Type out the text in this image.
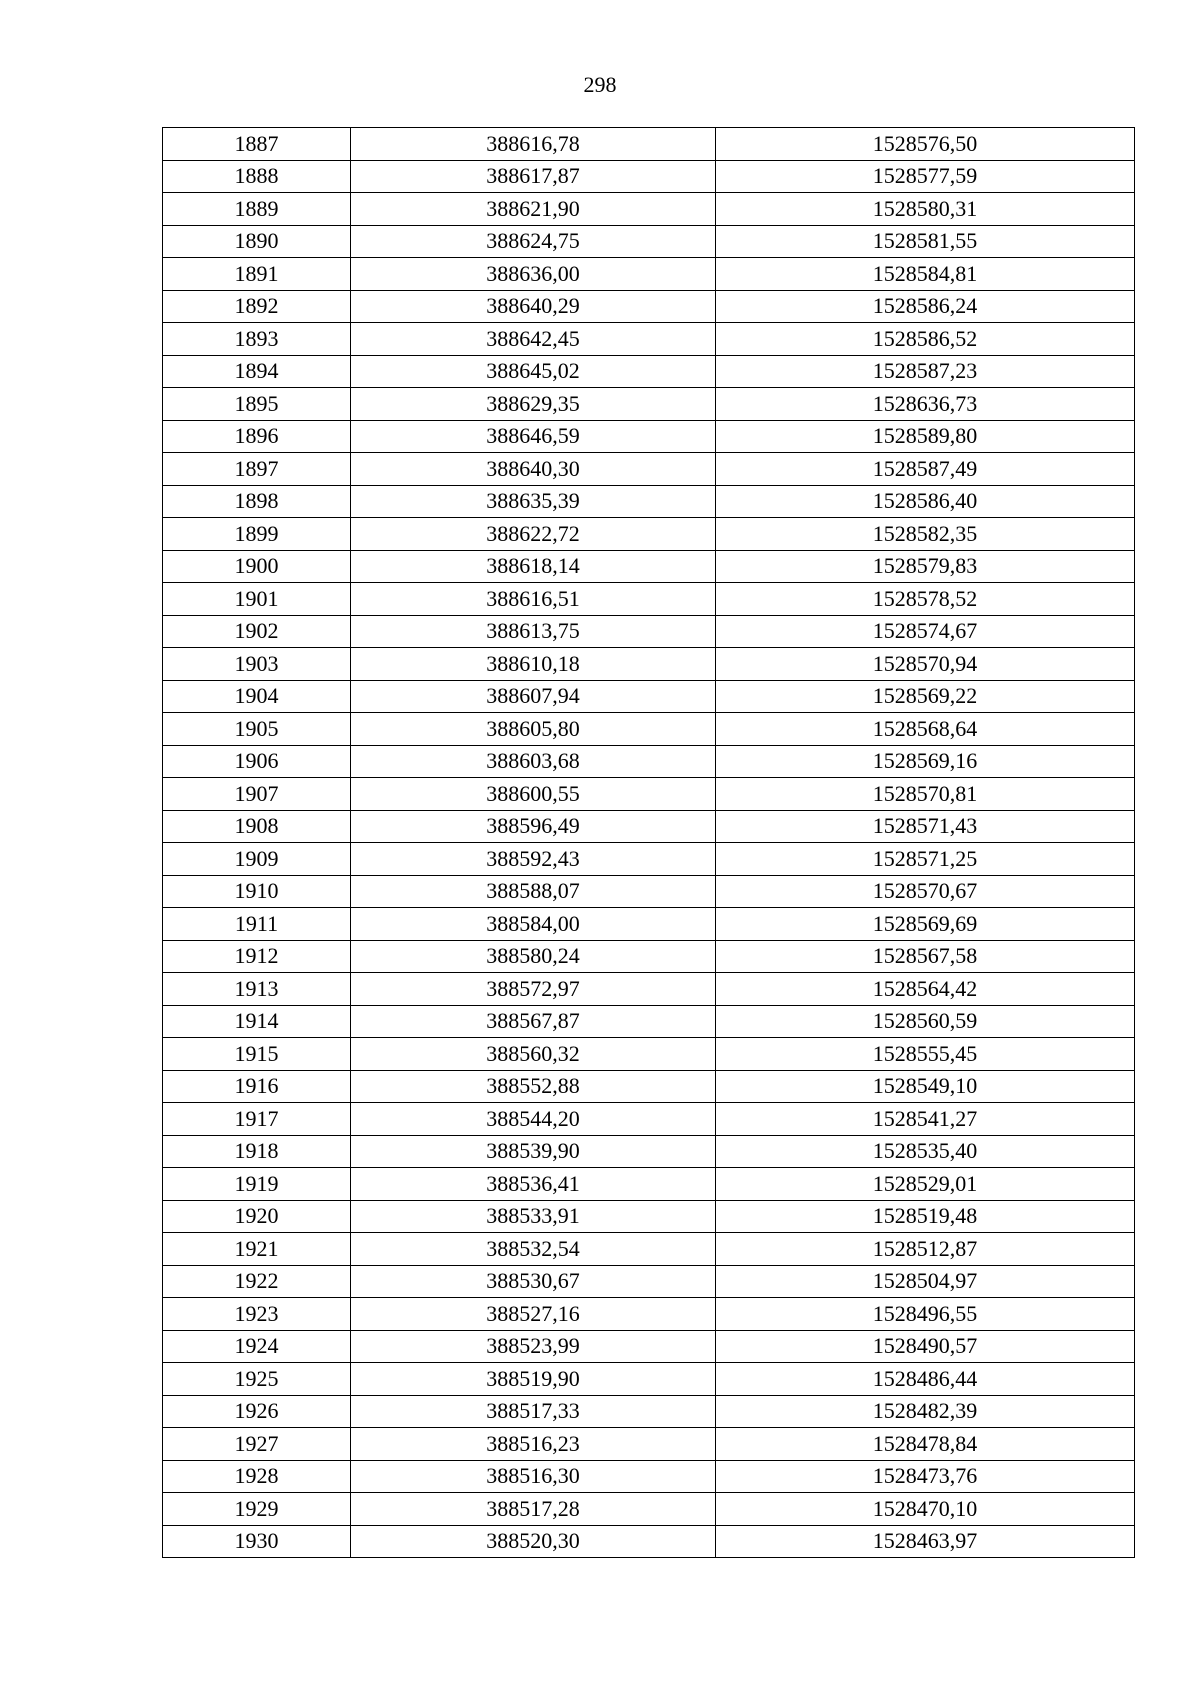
298
1887	388616,78	1528576,50
1888	388617,87	1528577,59
1889	388621,90	1528580,31
1890	388624,75	1528581,55
1891	388636,00	1528584,81
1892	388640,29	1528586,24
1893	388642,45	1528586,52
1894	388645,02	1528587,23
1895	388629,35	1528636,73
1896	388646,59	1528589,80
1897	388640,30	1528587,49
1898	388635,39	1528586,40
1899	388622,72	1528582,35
1900	388618,14	1528579,83
1901	388616,51	1528578,52
1902	388613,75	1528574,67
1903	388610,18	1528570,94
1904	388607,94	1528569,22
1905	388605,80	1528568,64
1906	388603,68	1528569,16
1907	388600,55	1528570,81
1908	388596,49	1528571,43
1909	388592,43	1528571,25
1910	388588,07	1528570,67
1911	388584,00	1528569,69
1912	388580,24	1528567,58
1913	388572,97	1528564,42
1914	388567,87	1528560,59
1915	388560,32	1528555,45
1916	388552,88	1528549,10
1917	388544,20	1528541,27
1918	388539,90	1528535,40
1919	388536,41	1528529,01
1920	388533,91	1528519,48
1921	388532,54	1528512,87
1922	388530,67	1528504,97
1923	388527,16	1528496,55
1924	388523,99	1528490,57
1925	388519,90	1528486,44
1926	388517,33	1528482,39
1927	388516,23	1528478,84
1928	388516,30	1528473,76
1929	388517,28	1528470,10
1930	388520,30	1528463,97
